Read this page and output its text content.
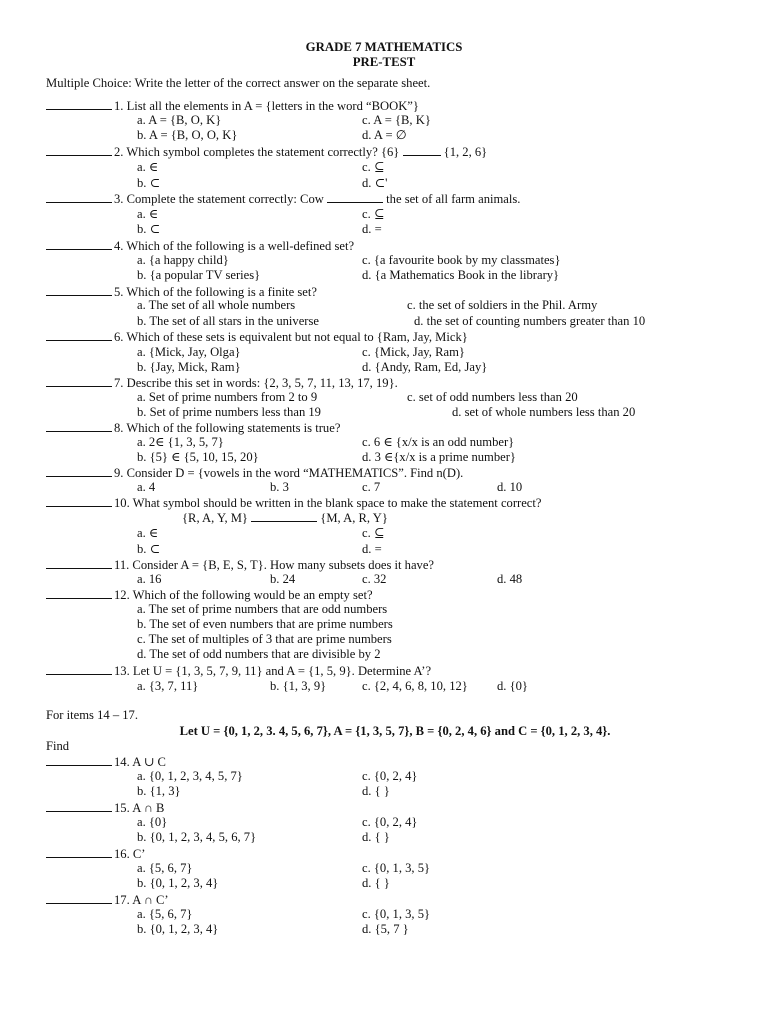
GRADE 7 MATHEMATICS
PRE-TEST
Multiple Choice: Write the letter of the correct answer on the separate sheet.
1. List all the elements in A = {letters in the word “BOOK”}
a. A = {B, O, K}	c. A = {B, K}
b. A = {B, O, O, K}	d. A = ∅
2. Which symbol completes the statement correctly? {6}	{1, 2, 6}
a. ∈	c. ⊆
b. ⊂	d. ⊂'
3. Complete the statement correctly: Cow	the set of all farm animals.
a. ∈	c. ⊆
b. ⊂	d. =
4. Which of the following is a well-defined set?
a. {a happy child}	c. {a favourite book by my classmates}
b. {a popular TV series}	d. {a Mathematics Book in the library}
5. Which of the following is a finite set?
a. The set of all whole numbers	c. the set of soldiers in the Phil. Army
b. The set of all stars in the universe	d. the set of counting numbers greater than 10
6. Which of these sets is equivalent but not equal to {Ram, Jay, Mick}
a. {Mick, Jay, Olga}	c. {Mick, Jay, Ram}
b. {Jay, Mick, Ram}	d. {Andy, Ram, Ed, Jay}
7. Describe this set in words: {2, 3, 5, 7, 11, 13, 17, 19}.
a. Set of prime numbers from 2 to 9	c. set of odd numbers less than 20
b. Set of prime numbers less than 19	d. set of whole numbers less than 20
8. Which of the following statements is true?
a. 2∈ {1, 3, 5, 7}	c. 6 ∈ {x/x is an odd number}
b. {5} ∈ {5, 10, 15, 20}	d. 3 ∈{x/x is a prime number}
9. Consider D = {vowels in the word “MATHEMATICS”. Find n(D).
a. 4	b. 3	c. 7	d. 10
10. What symbol should be written in the blank space to make the statement correct?
{R, A, Y, M}	{M, A, R, Y}
a. ∈	c. ⊆
b. ⊂	d. =
11. Consider A = {B, E, S, T}. How many subsets does it have?
a. 16	b. 24	c. 32	d. 48
12. Which of the following would be an empty set?
a. The set of prime numbers that are odd numbers
b. The set of even numbers that are prime numbers
c. The set of multiples of 3 that are prime numbers
d. The set of odd numbers that are divisible by 2
13. Let U = {1, 3, 5, 7, 9, 11} and A = {1, 5, 9}. Determine A’?
a. {3, 7, 11}	b. {1, 3, 9}	c. {2, 4, 6, 8, 10, 12} d. {0}
For items 14 – 17.
Let U = {0, 1, 2, 3. 4, 5, 6, 7}, A = {1, 3, 5, 7}, B = {0, 2, 4, 6} and C = {0, 1, 2, 3, 4}.
Find
14. A ∪ C
a. {0, 1, 2, 3, 4, 5, 7}	c. {0, 2, 4}
b. {1, 3}	d. { }
15. A ∩ B
a. {0}	c. {0, 2, 4}
b. {0, 1, 2, 3, 4, 5, 6, 7}	d. { }
16. C’
a. {5, 6, 7}	c. {0, 1, 3, 5}
b. {0, 1, 2, 3, 4}	d. { }
17. A ∩ C’
a. {5, 6, 7}	c. {0, 1, 3, 5}
b. {0, 1, 2, 3, 4}	d. {5, 7 }
